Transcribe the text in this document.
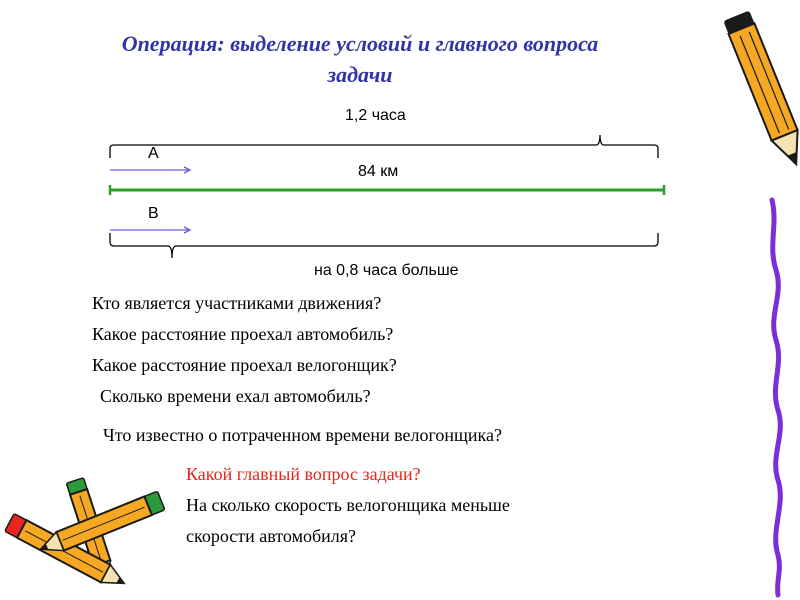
Операция: выделение условий и главного вопроса
задачи
1,2 часа
А
84 км
В
на 0,8 часа больше
Кто является участниками движения?
Какое расстояние проехал автомобиль?
Какое расстояние проехал велогонщик?
Сколько времени ехал автомобиль?
Что известно о потраченном времени велогонщика?
Какой главный вопрос задачи?
На сколько скорость велогонщика меньше
скорости автомобиля?
